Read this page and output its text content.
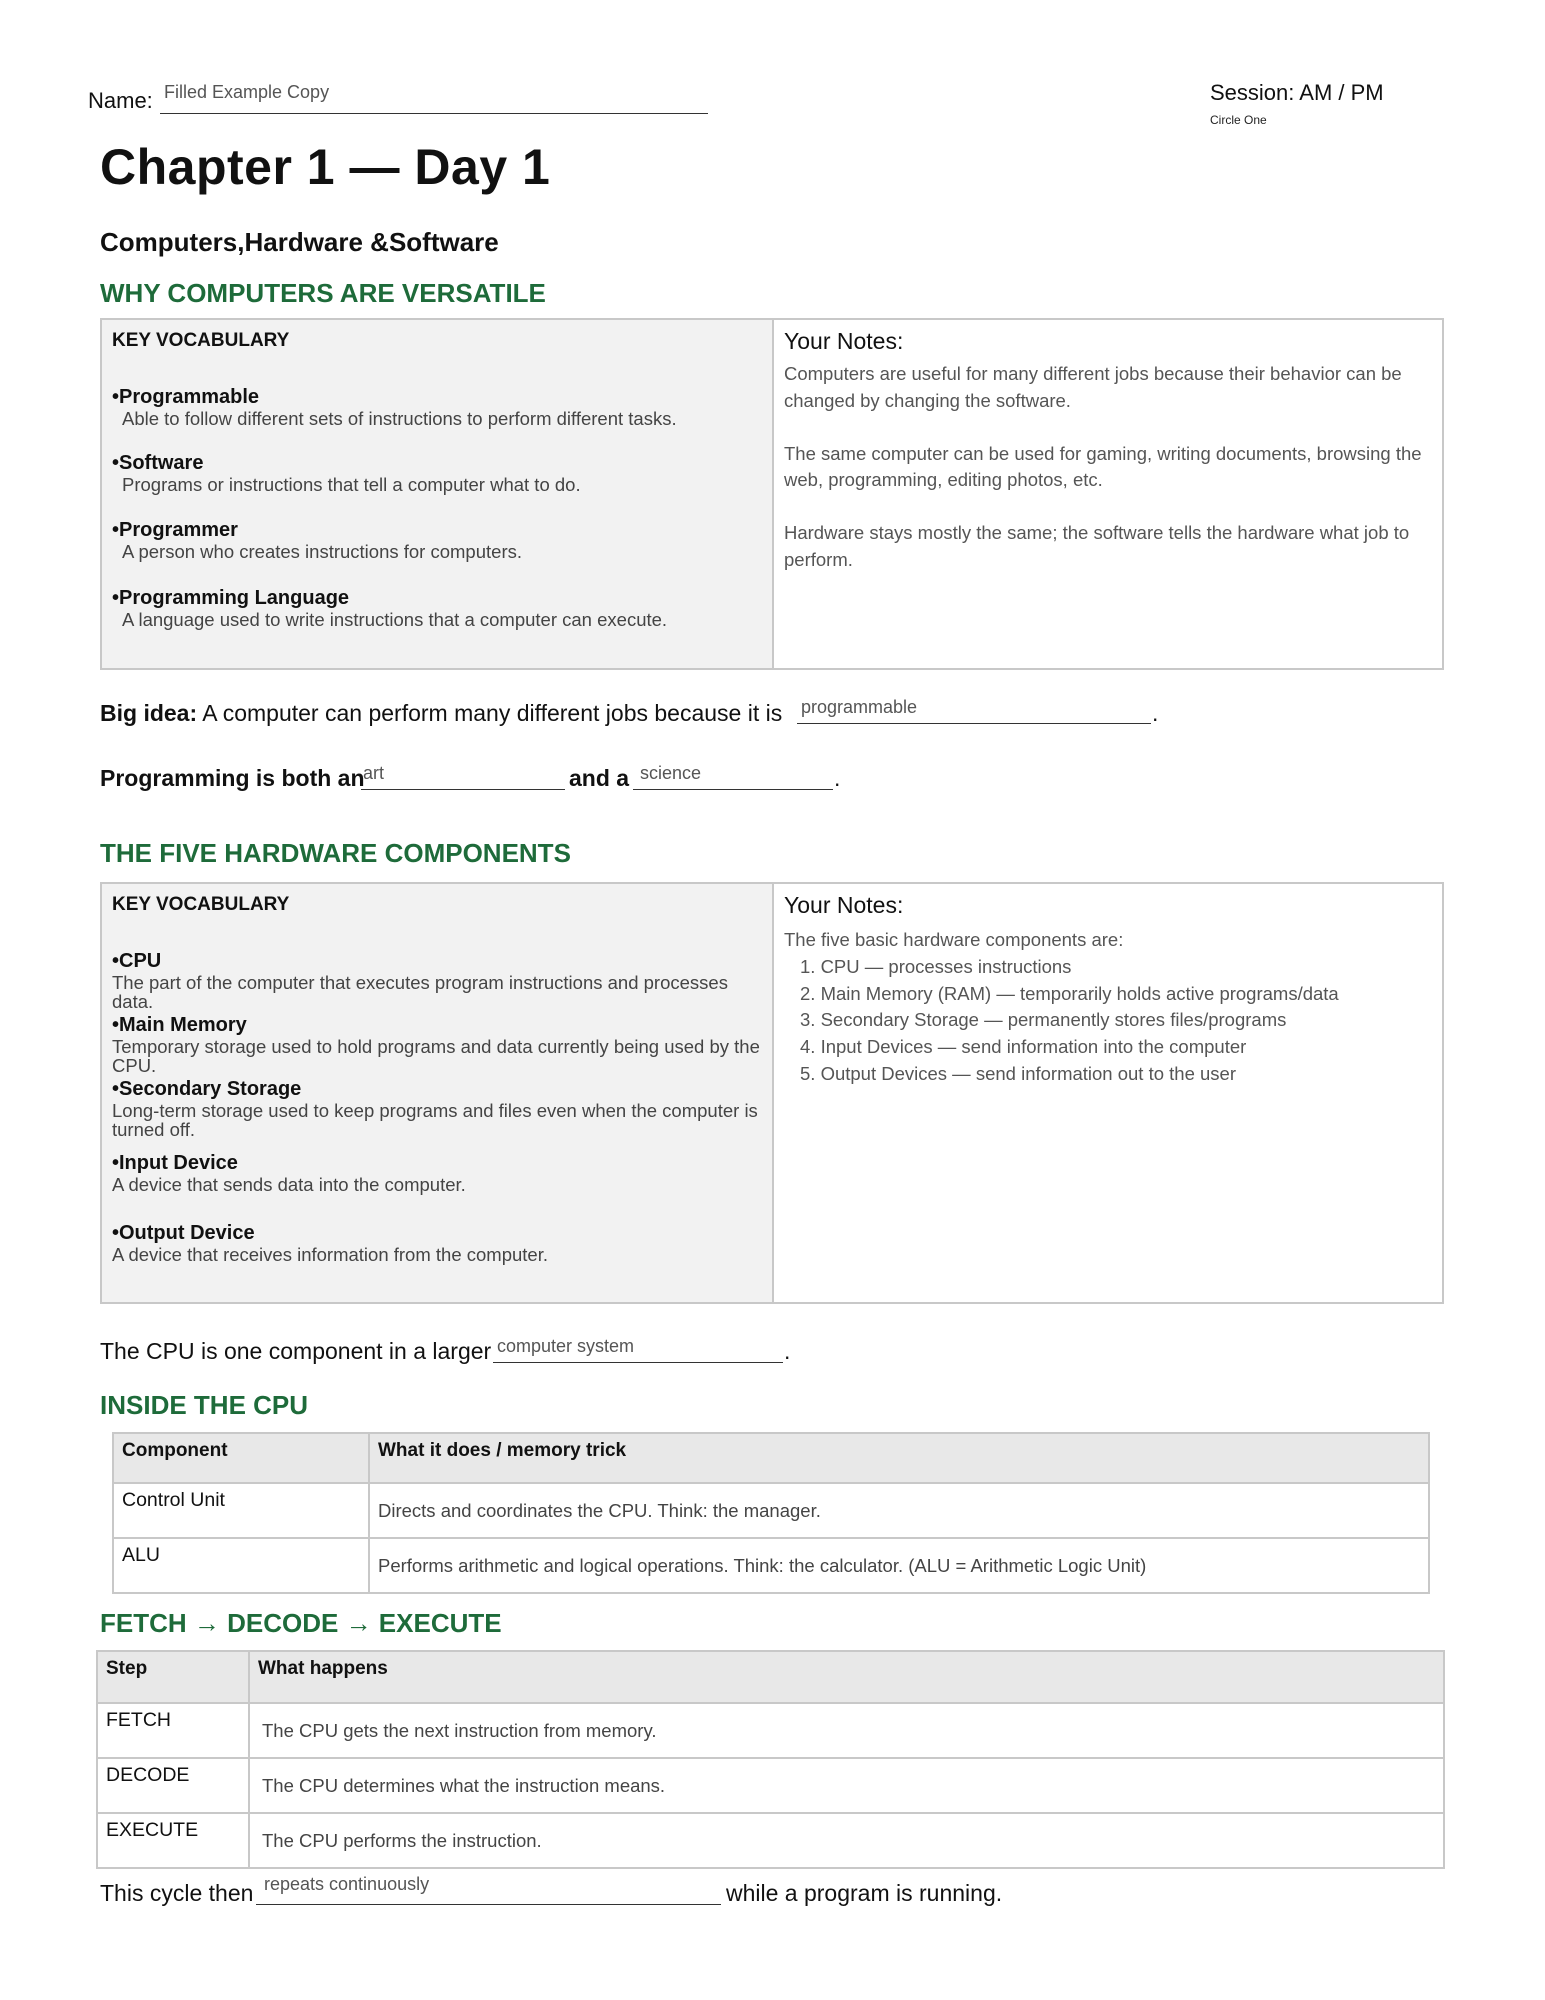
Name: Filled Example Copy	Session: AM / PM
Circle One
Chapter 1 — Day 1
Computers,Hardware &Software
WHY COMPUTERS ARE VERSATILE
KEY VOCABULARY
•Programmable
Able to follow different sets of instructions to perform different tasks.
•Software
Programs or instructions that tell a computer what to do.
•Programmer
A person who creates instructions for computers.
•Programming Language
A language used to write instructions that a computer can execute.
Your Notes:
Computers are useful for many different jobs because their behavior can be changed by changing the software.
The same computer can be used for gaming, writing documents, browsing the web, programming, editing photos, etc.
Hardware stays mostly the same; the software tells the hardware what job to perform.
Big idea: A computer can perform many different jobs because it is programmable	.
Programming is both an
art	and a science	.
THE FIVE HARDWARE COMPONENTS
KEY VOCABULARY
•CPU
The part of the computer that executes program instructions and processes data.
•Main Memory
Temporary storage used to hold programs and data currently being used by the CPU.
•Secondary Storage
Long-term storage used to keep programs and files even when the computer is turned off.
•Input Device
A device that sends data into the computer.
•Output Device
A device that receives information from the computer.
Your Notes:
The five basic hardware components are:
1. CPU — processes instructions
2. Main Memory (RAM) — temporarily holds active programs/data
3. Secondary Storage — permanently stores files/programs
4. Input Devices — send information into the computer
5. Output Devices — send information out to the user
The CPU is one component in a larger computer system	.
INSIDE THE CPU
Component	What it does / memory trick
Control Unit	Directs and coordinates the CPU. Think: the manager.
ALU	Performs arithmetic and logical operations. Think: the calculator. (ALU = Arithmetic Logic Unit)
FETCH → DECODE → EXECUTE
Step	What happens
FETCH	The CPU gets the next instruction from memory.
DECODE	The CPU determines what the instruction means.
EXECUTE	The CPU performs the instruction.
This cycle then repeats continuously	while a program is running.
